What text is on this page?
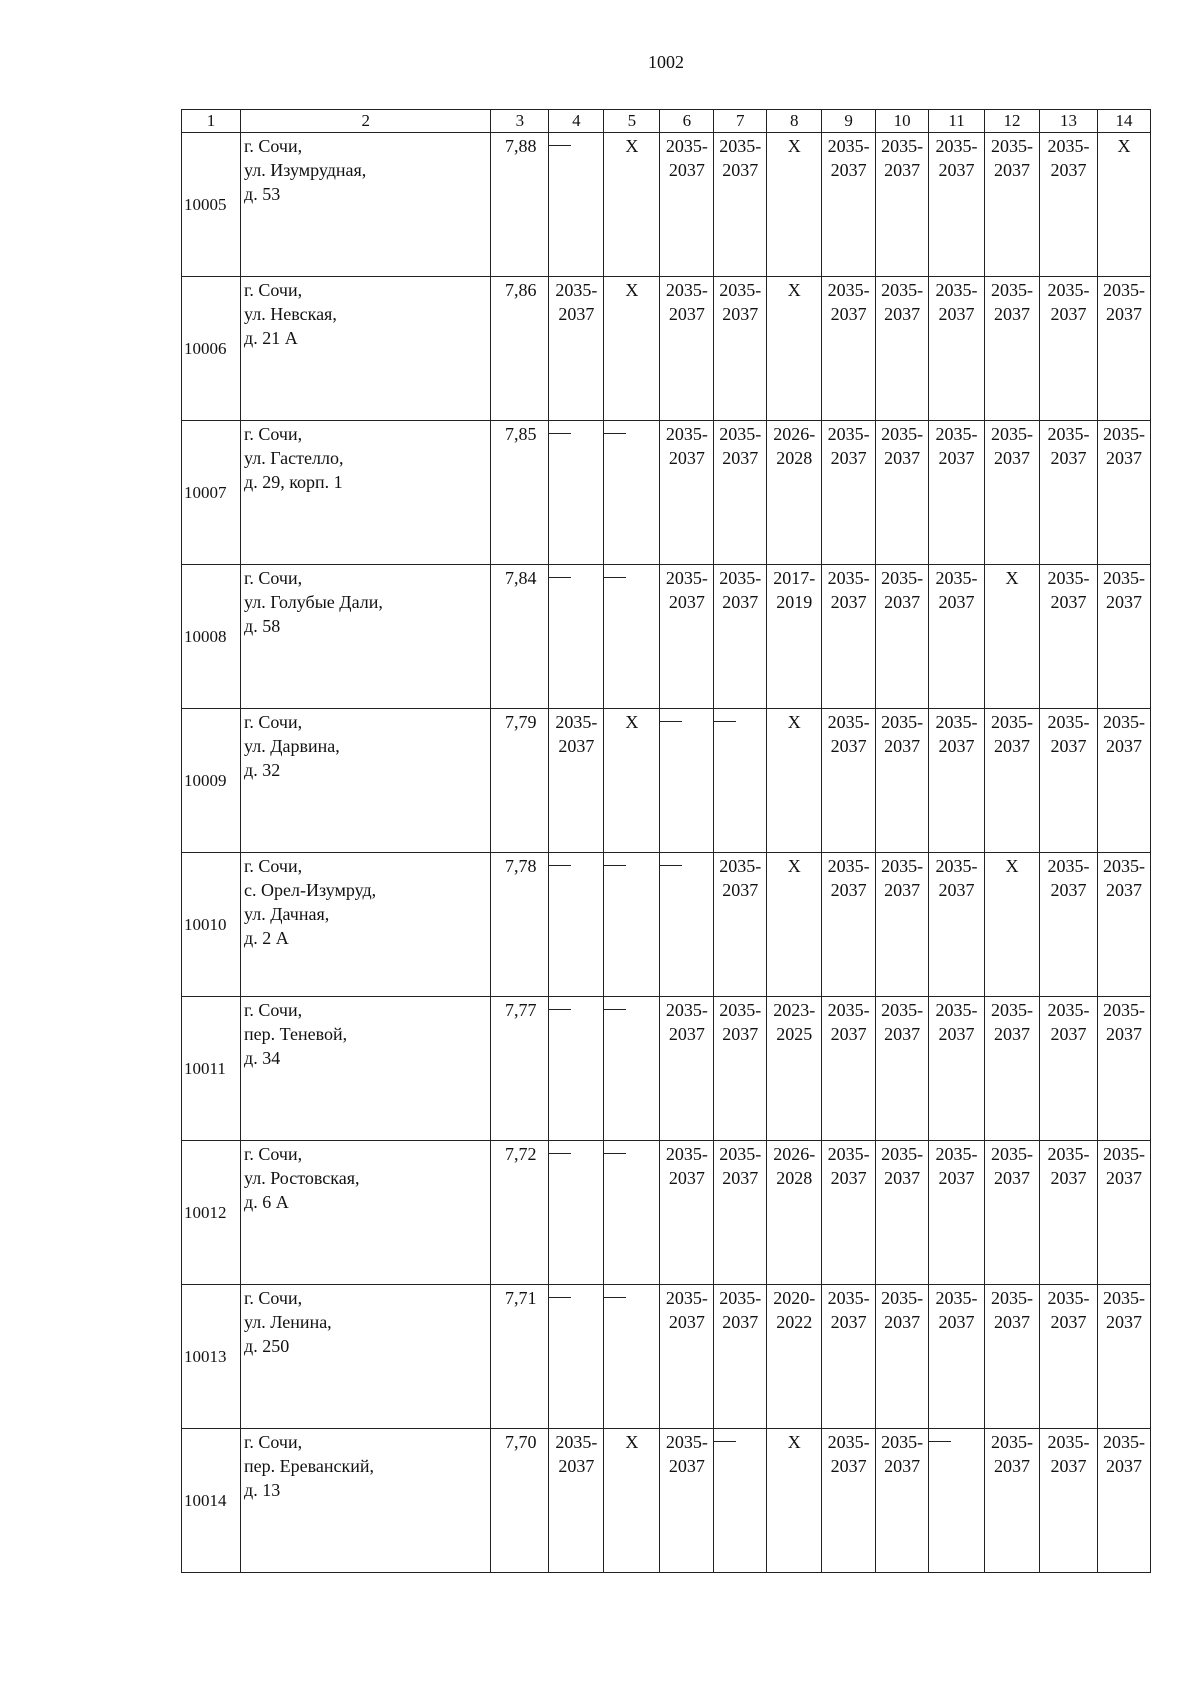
1002
1	2	3	4	5	6	7	8	9	10	11	12	13	14
10005	г. Сочи,
ул. Изумрудная,
д. 53	7,88		Х	2035-
2037	2035-
2037	Х	2035-
2037	2035-
2037	2035-
2037	2035-
2037	2035-
2037	Х
10006	г. Сочи,
ул. Невская,
д. 21 А	7,86	2035-
2037	Х	2035-
2037	2035-
2037	Х	2035-
2037	2035-
2037	2035-
2037	2035-
2037	2035-
2037	2035-
2037

10007	г. Сочи,
ул. Гастелло,
д. 29, корп. 1	7,85			2035-
2037	2035-
2037	2026-
2028	2035-
2037	2035-
2037	2035-
2037	2035-
2037	2035-
2037	2035-
2037

10008	г. Сочи,
ул. Голубые Дали,
д. 58	7,84			2035-
2037	2035-
2037	2017-
2019	2035-
2037	2035-
2037	2035-
2037	Х	2035-
2037	2035-
2037

10009	г. Сочи,
ул. Дарвина,
д. 32	7,79	2035-
2037	Х			Х	2035-
2037	2035-
2037	2035-
2037	2035-
2037	2035-
2037	2035-
2037

10010	г. Сочи,
с. Орел-Изумруд,
ул. Дачная,
д. 2 А	7,78				2035-
2037	Х	2035-
2037	2035-
2037	2035-
2037	Х	2035-
2037	2035-
2037

10011	г. Сочи,
пер. Теневой,
д. 34	7,77			2035-
2037	2035-
2037	2023-
2025	2035-
2037	2035-
2037	2035-
2037	2035-
2037	2035-
2037	2035-
2037

10012	г. Сочи,
ул. Ростовская,
д. 6 А	7,72			2035-
2037	2035-
2037	2026-
2028	2035-
2037	2035-
2037	2035-
2037	2035-
2037	2035-
2037	2035-
2037

10013	г. Сочи,
ул. Ленина,
д. 250	7,71			2035-
2037	2035-
2037	2020-
2022	2035-
2037	2035-
2037	2035-
2037	2035-
2037	2035-
2037	2035-
2037

10014	г. Сочи,
пер. Ереванский,
д. 13	7,70	2035-
2037	Х	2035-
2037		Х	2035-
2037	2035-
2037		2035-
2037	2035-
2037	2035-
2037
